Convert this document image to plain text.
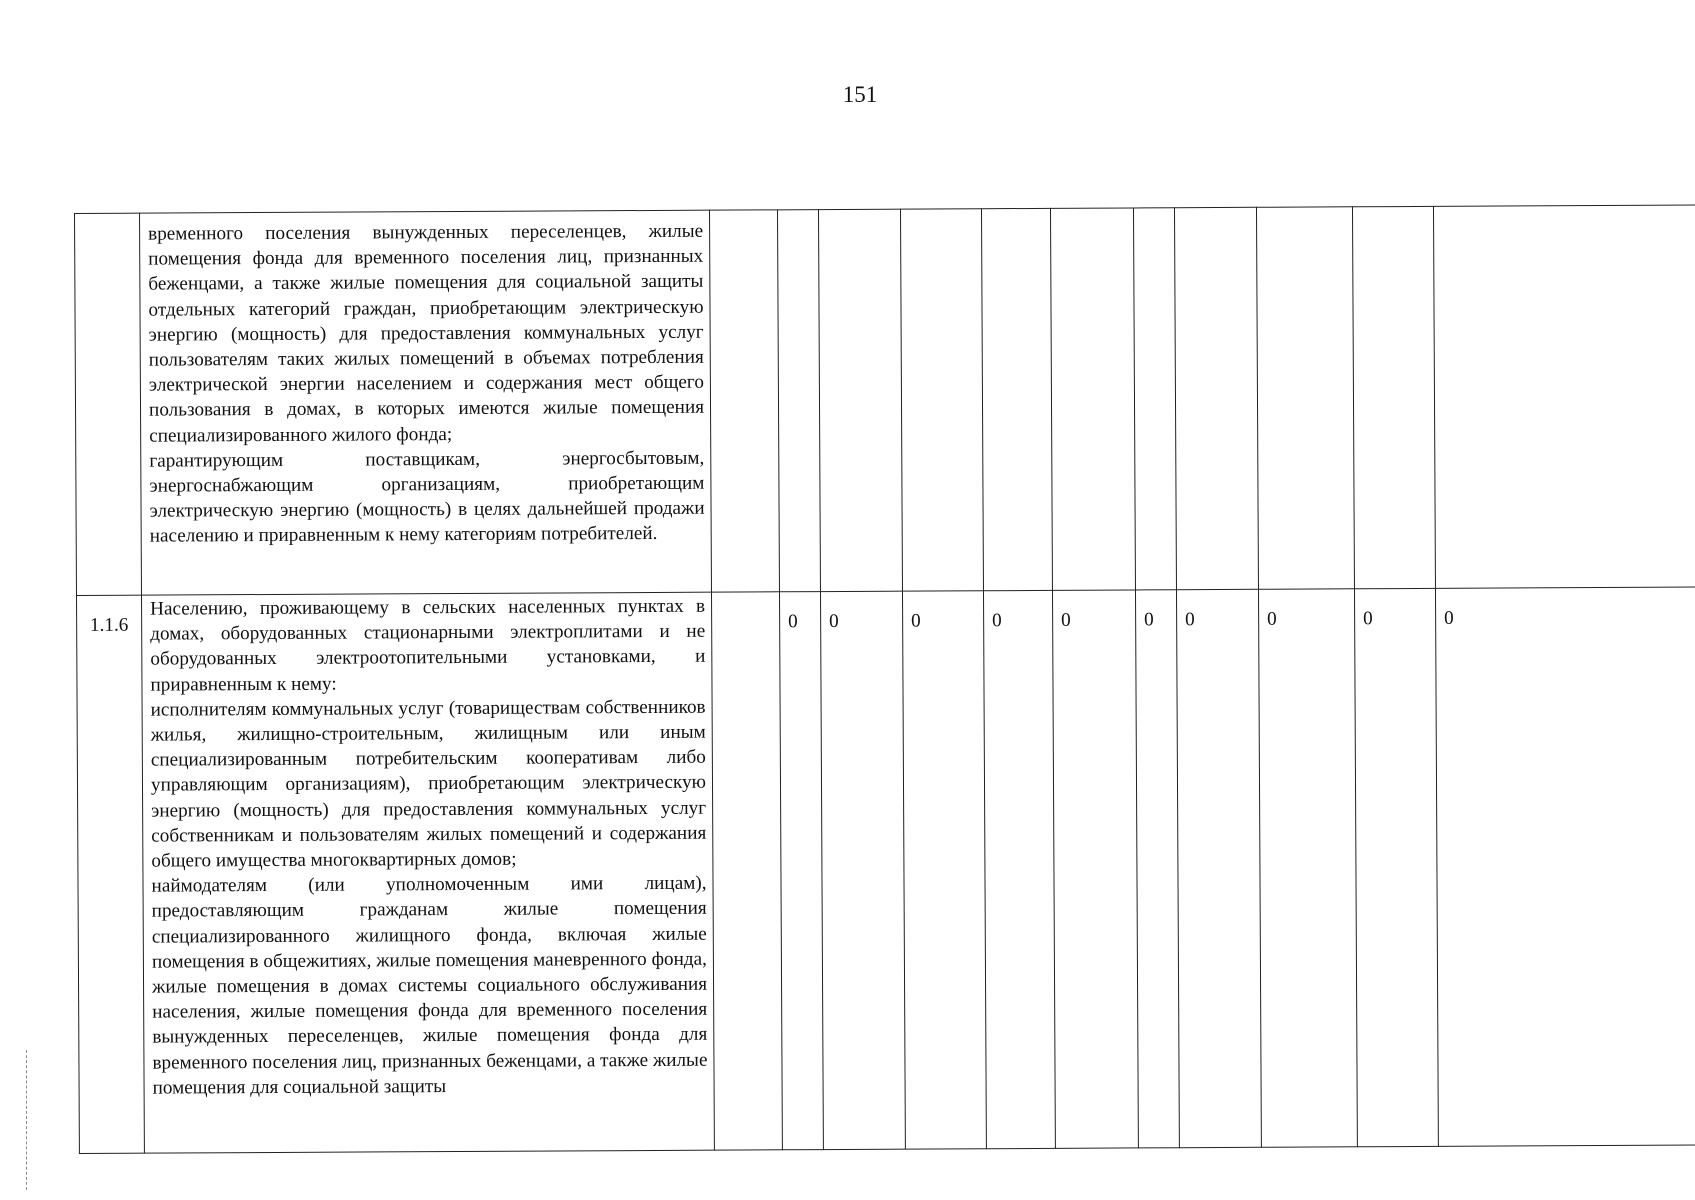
151

	временного поселения вынужденных переселенцев, жилые помещения фонда для временного поселения лиц, признанных беженцами, а также жилые помещения для социальной защиты отдельных категорий граждан, приобретающим электрическую энергию (мощность) для предоставления коммунальных услуг пользователям таких жилых помещений в объемах потребления электрической энергии населением и содержания мест общего пользования в домах, в которых имеются жилые помещения специализированного жилого фонда;
гарантирующим поставщикам, энергосбытовым, энергоснабжающим организациям, приобретающим электрическую энергию (мощность) в целях дальнейшей продажи населению и приравненным к нему категориям потребителей.											

1.1.6	Населению, проживающему в сельских населенных пунктах в домах, оборудованных стационарными электроплитами и не оборудованных электроотопительными установками, и приравненным к нему:
исполнителям коммунальных услуг (товариществам собственников жилья, жилищно-строительным, жилищным или иным специализированным потребительским кооперативам либо управляющим организациям), приобретающим электрическую энергию (мощность) для предоставления коммунальных услуг собственникам и пользователям жилых помещений и содержания общего имущества многоквартирных домов;
наймодателям (или уполномоченным ими лицам), предоставляющим гражданам жилые помещения специализированного жилищного фонда, включая жилые помещения в общежитиях, жилые помещения маневренного фонда, жилые помещения в домах системы социального обслуживания населения, жилые помещения фонда для временного поселения вынужденных переселенцев, жилые помещения фонда для временного поселения лиц, признанных беженцами, а также жилые помещения для социальной защиты		0	0	0	0	0	0	0	0	0	0
